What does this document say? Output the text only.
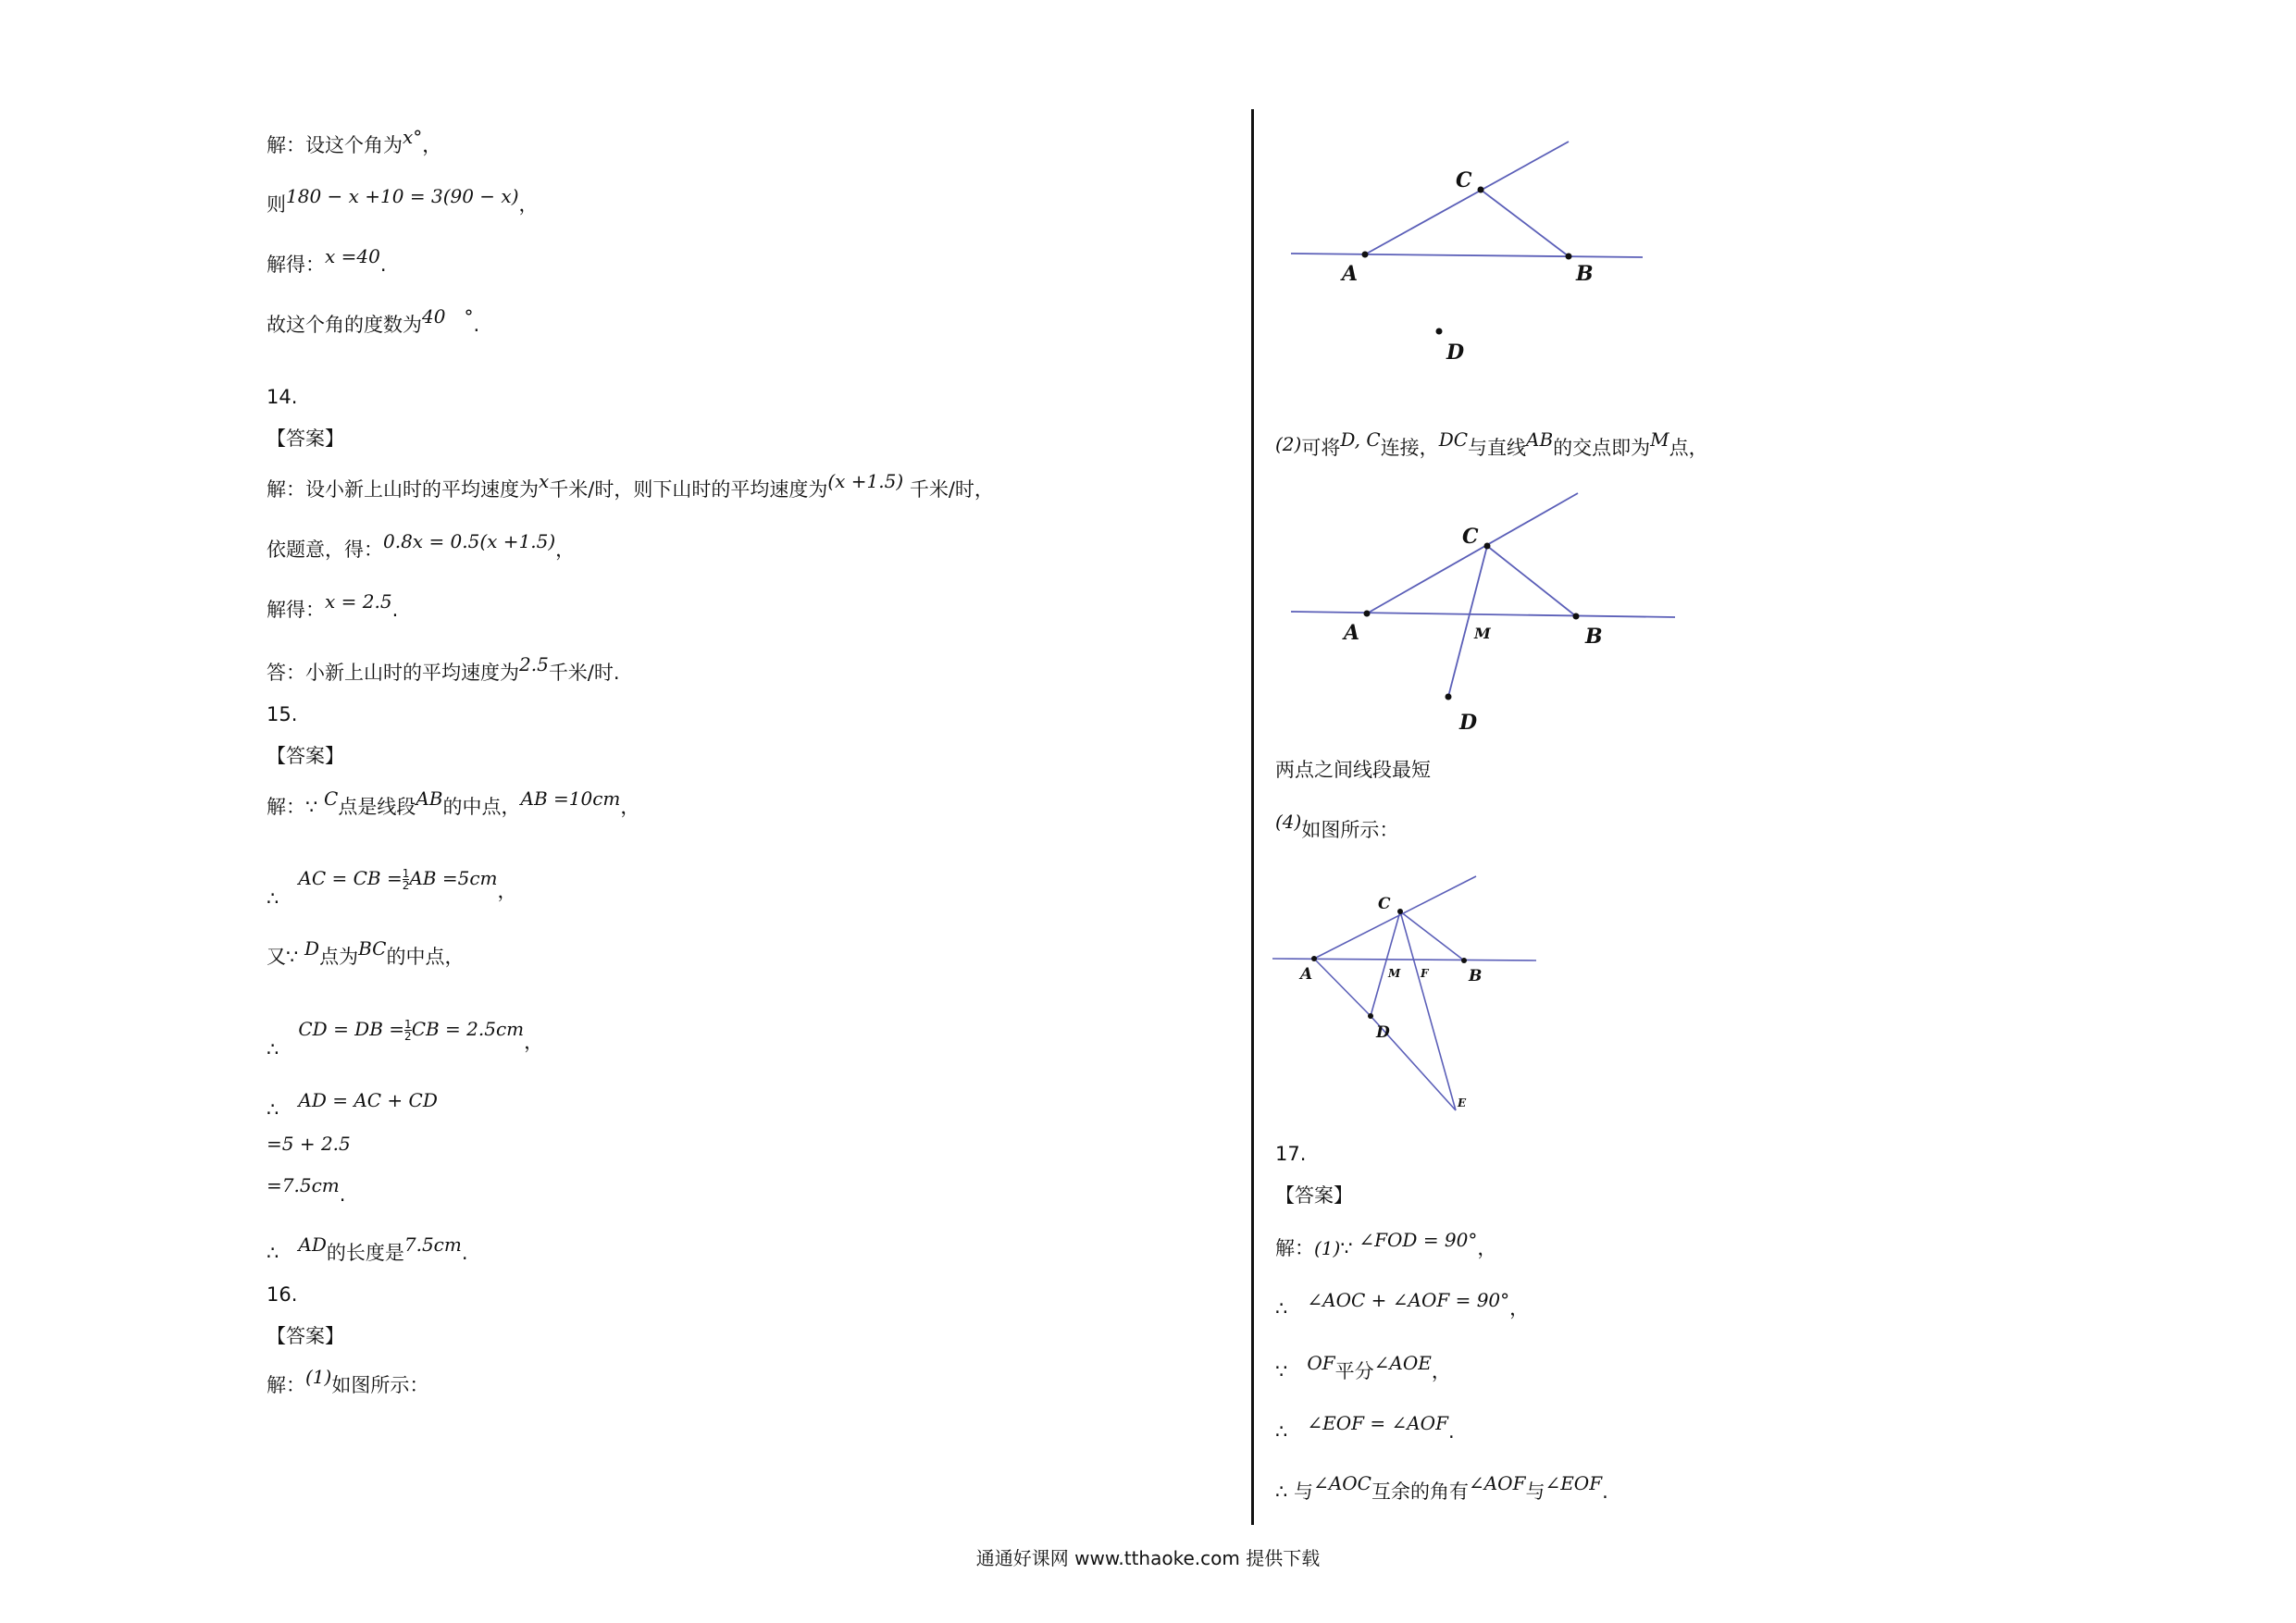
解：设这个角为x°，
则180 − x +10 = 3(90 − x)，
解得：x =40.
故这个角的度数为40　°.
14.
【答案】
解：设小新上山时的平均速度为x千米/时，则下山时的平均速度为(x +1.5) 千米/时，
依题意，得：0.8x = 0.5(x +1.5)，
解得：x = 2.5.
答：小新上山时的平均速度为2.5千米/时.
15.
【答案】
解：∵ C点是线段AB的中点，AB =10cm，
∴　AC = CB = $\frac{1}{2}$ AB =5cm，
又∵ D点为BC的中点，
∴　CD = DB = $\frac{1}{2}$ CB = 2.5cm，
∴　 AD = AC + CD
=5 + 2.5
=7.5cm.
∴　 AD的长度是7.5cm.
16.
【答案】
解：(1)如图所示：
C
A	B
D
(2)可将D, C连接，DC与直线AB的交点即为M点，
两点之间线段最短
(4)如图所示：
17.
【答案】
解：(1)∵ ∠FOD = 90°，
∴　 ∠AOC + ∠AOF = 90°，
∵　 OF平分∠AOE，
∴　 ∠EOF = ∠AOF.
∴ 与∠AOC互余的角有∠AOF与∠EOF.
C
A	B
M
D
C
A	M F	B
D
E
通通好课网 www.tthaoke.com 提供下载
